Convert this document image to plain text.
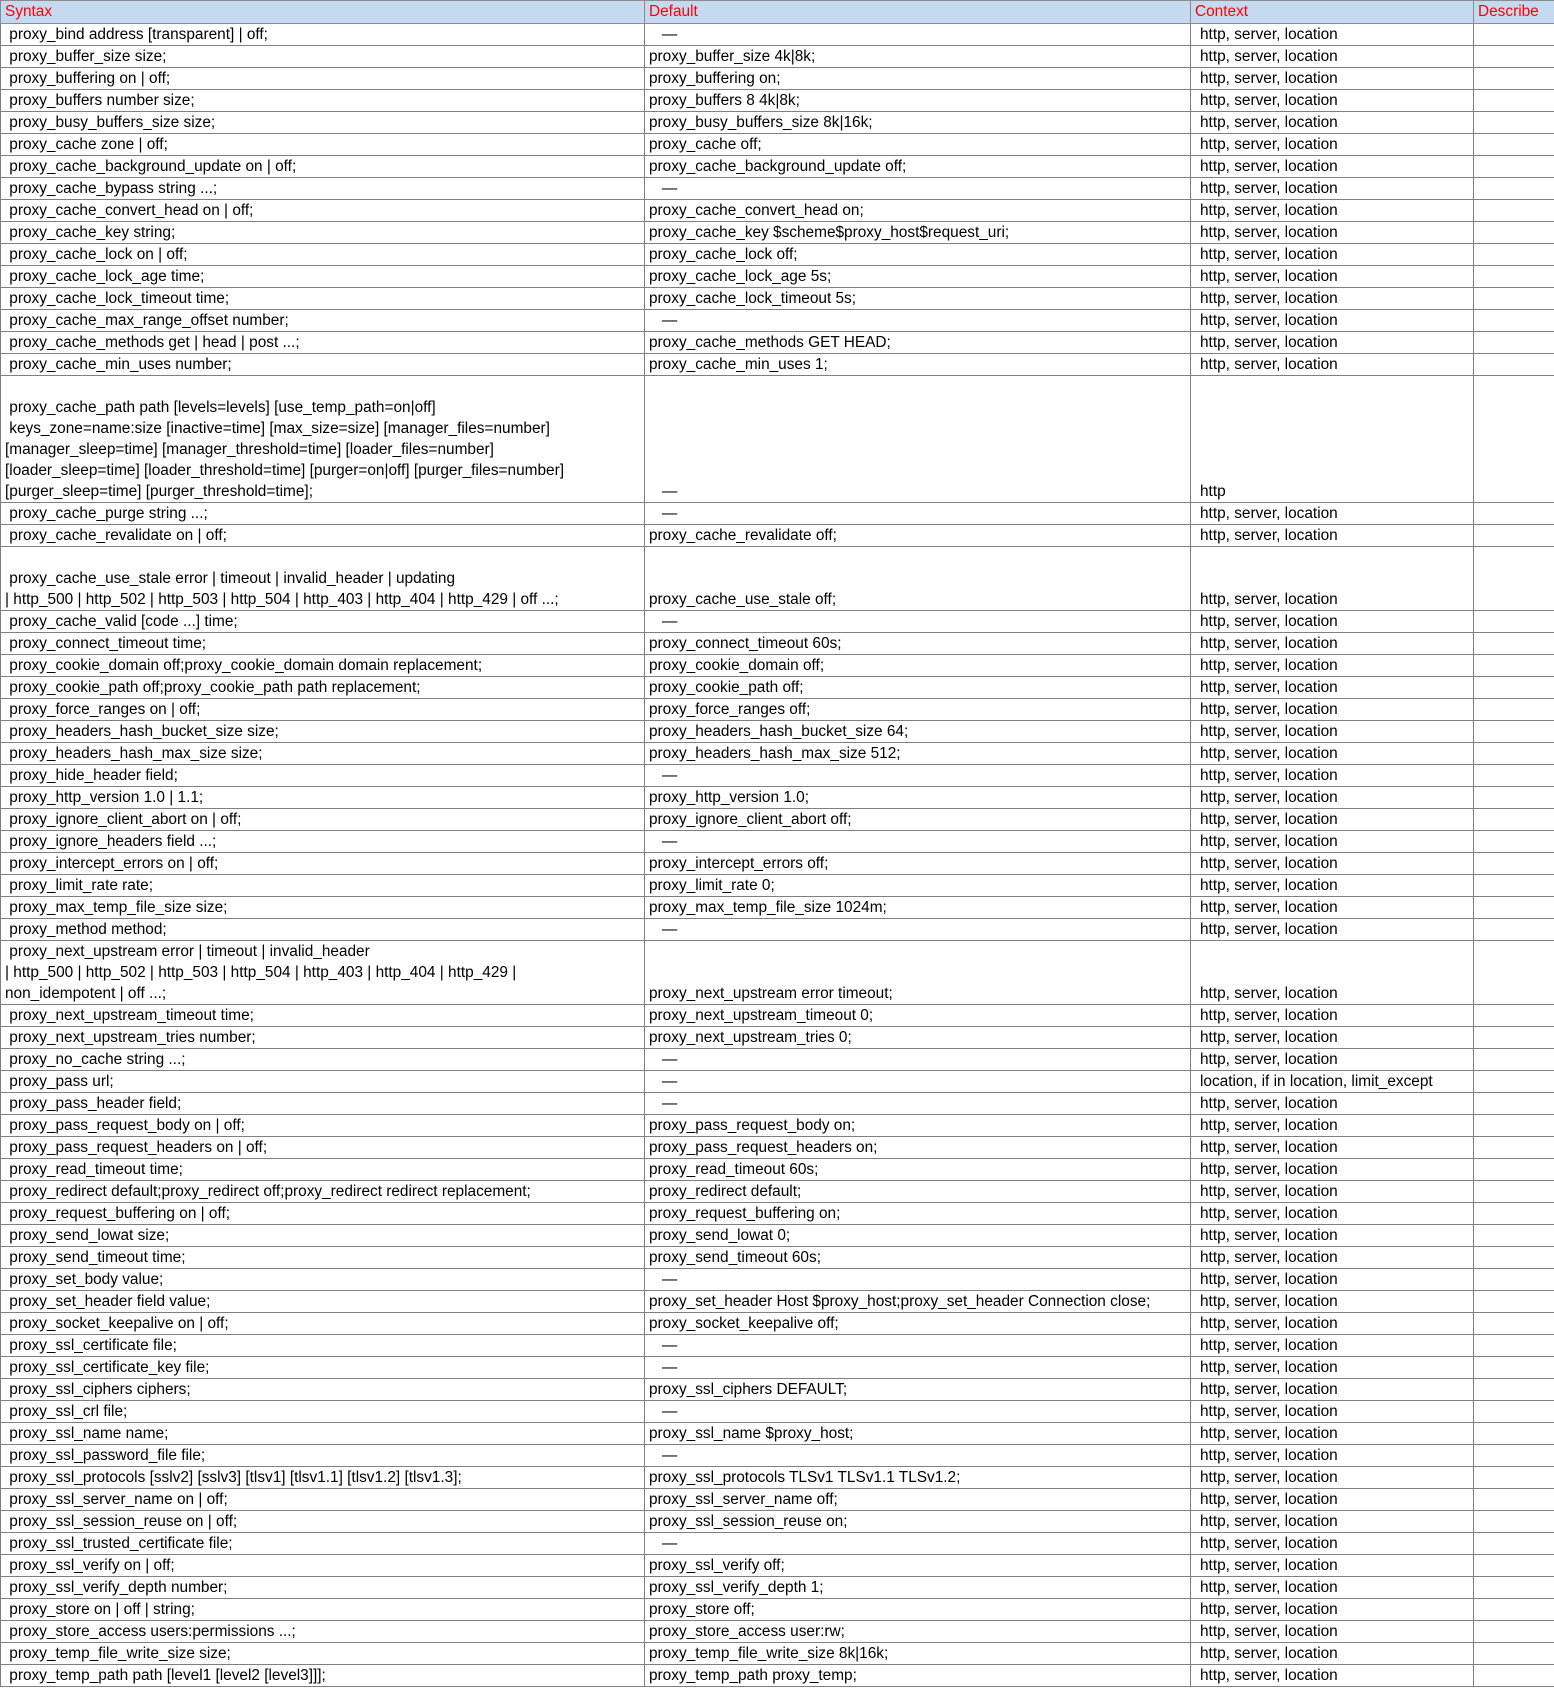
Syntax	Default	Context	Describe
proxy_bind address [transparent] | off;	—	http, server, location	
proxy_buffer_size size;	proxy_buffer_size 4k|8k;	http, server, location	
proxy_buffering on | off;	proxy_buffering on;	http, server, location	
proxy_buffers number size;	proxy_buffers 8 4k|8k;	http, server, location	
proxy_busy_buffers_size size;	proxy_busy_buffers_size 8k|16k;	http, server, location	
proxy_cache zone | off;	proxy_cache off;	http, server, location	
proxy_cache_background_update on | off;	proxy_cache_background_update off;	http, server, location	
proxy_cache_bypass string ...;	—	http, server, location	
proxy_cache_convert_head on | off;	proxy_cache_convert_head on;	http, server, location	
proxy_cache_key string;	proxy_cache_key $scheme$proxy_host$request_uri;	http, server, location	
proxy_cache_lock on | off;	proxy_cache_lock off;	http, server, location	
proxy_cache_lock_age time;	proxy_cache_lock_age 5s;	http, server, location	
proxy_cache_lock_timeout time;	proxy_cache_lock_timeout 5s;	http, server, location	
proxy_cache_max_range_offset number;	—	http, server, location	
proxy_cache_methods get | head | post ...;	proxy_cache_methods GET HEAD;	http, server, location	
proxy_cache_min_uses number;	proxy_cache_min_uses 1;	http, server, location	

proxy_cache_path path [levels=levels] [use_temp_path=on|off]
keys_zone=name:size [inactive=time] [max_size=size] [manager_files=number]
[manager_sleep=time] [manager_threshold=time] [loader_files=number]
[loader_sleep=time] [loader_threshold=time] [purger=on|off] [purger_files=number]
[purger_sleep=time] [purger_threshold=time];	—	http	
proxy_cache_purge string ...;	—	http, server, location	
proxy_cache_revalidate on | off;	proxy_cache_revalidate off;	http, server, location	

proxy_cache_use_stale error | timeout | invalid_header | updating
| http_500 | http_502 | http_503 | http_504 | http_403 | http_404 | http_429 | off ...;	proxy_cache_use_stale off;	http, server, location	
proxy_cache_valid [code ...] time;	—	http, server, location	
proxy_connect_timeout time;	proxy_connect_timeout 60s;	http, server, location	
proxy_cookie_domain off;proxy_cookie_domain domain replacement;	proxy_cookie_domain off;	http, server, location	
proxy_cookie_path off;proxy_cookie_path path replacement;	proxy_cookie_path off;	http, server, location	
proxy_force_ranges on | off;	proxy_force_ranges off;	http, server, location	
proxy_headers_hash_bucket_size size;	proxy_headers_hash_bucket_size 64;	http, server, location	
proxy_headers_hash_max_size size;	proxy_headers_hash_max_size 512;	http, server, location	
proxy_hide_header field;	—	http, server, location	
proxy_http_version 1.0 | 1.1;	proxy_http_version 1.0;	http, server, location	
proxy_ignore_client_abort on | off;	proxy_ignore_client_abort off;	http, server, location	
proxy_ignore_headers field ...;	—	http, server, location	
proxy_intercept_errors on | off;	proxy_intercept_errors off;	http, server, location	
proxy_limit_rate rate;	proxy_limit_rate 0;	http, server, location	
proxy_max_temp_file_size size;	proxy_max_temp_file_size 1024m;	http, server, location	
proxy_method method;	—	http, server, location	
proxy_next_upstream error | timeout | invalid_header
| http_500 | http_502 | http_503 | http_504 | http_403 | http_404 | http_429 |
non_idempotent | off ...;	proxy_next_upstream error timeout;	http, server, location	
proxy_next_upstream_timeout time;	proxy_next_upstream_timeout 0;	http, server, location	
proxy_next_upstream_tries number;	proxy_next_upstream_tries 0;	http, server, location	
proxy_no_cache string ...;	—	http, server, location	
proxy_pass url;	—	location, if in location, limit_except	
proxy_pass_header field;	—	http, server, location	
proxy_pass_request_body on | off;	proxy_pass_request_body on;	http, server, location	
proxy_pass_request_headers on | off;	proxy_pass_request_headers on;	http, server, location	
proxy_read_timeout time;	proxy_read_timeout 60s;	http, server, location	
proxy_redirect default;proxy_redirect off;proxy_redirect redirect replacement;	proxy_redirect default;	http, server, location	
proxy_request_buffering on | off;	proxy_request_buffering on;	http, server, location	
proxy_send_lowat size;	proxy_send_lowat 0;	http, server, location	
proxy_send_timeout time;	proxy_send_timeout 60s;	http, server, location	
proxy_set_body value;	—	http, server, location	
proxy_set_header field value;	proxy_set_header Host $proxy_host;proxy_set_header Connection close;	http, server, location	
proxy_socket_keepalive on | off;	proxy_socket_keepalive off;	http, server, location	
proxy_ssl_certificate file;	—	http, server, location	
proxy_ssl_certificate_key file;	—	http, server, location	
proxy_ssl_ciphers ciphers;	proxy_ssl_ciphers DEFAULT;	http, server, location	
proxy_ssl_crl file;	—	http, server, location	
proxy_ssl_name name;	proxy_ssl_name $proxy_host;	http, server, location	
proxy_ssl_password_file file;	—	http, server, location	
proxy_ssl_protocols [sslv2] [sslv3] [tlsv1] [tlsv1.1] [tlsv1.2] [tlsv1.3];	proxy_ssl_protocols TLSv1 TLSv1.1 TLSv1.2;	http, server, location	
proxy_ssl_server_name on | off;	proxy_ssl_server_name off;	http, server, location	
proxy_ssl_session_reuse on | off;	proxy_ssl_session_reuse on;	http, server, location	
proxy_ssl_trusted_certificate file;	—	http, server, location	
proxy_ssl_verify on | off;	proxy_ssl_verify off;	http, server, location	
proxy_ssl_verify_depth number;	proxy_ssl_verify_depth 1;	http, server, location	
proxy_store on | off | string;	proxy_store off;	http, server, location	
proxy_store_access users:permissions ...;	proxy_store_access user:rw;	http, server, location	
proxy_temp_file_write_size size;	proxy_temp_file_write_size 8k|16k;	http, server, location	
proxy_temp_path path [level1 [level2 [level3]]];	proxy_temp_path proxy_temp;	http, server, location	
